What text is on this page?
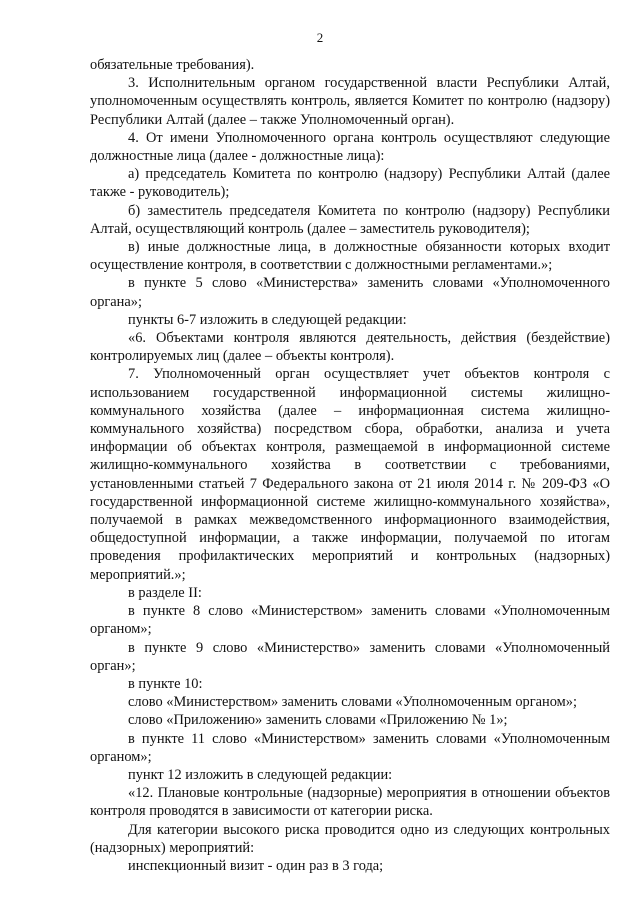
2

обязательные требования).

3. Исполнительным органом государственной власти Республики Алтай, уполномоченным осуществлять контроль, является Комитет по контролю (надзору) Республики Алтай (далее – также Уполномоченный орган).

4. От имени Уполномоченного органа контроль осуществляют следующие должностные лица (далее - должностные лица):

а) председатель Комитета по контролю (надзору) Республики Алтай (далее также - руководитель);

б) заместитель председателя Комитета по контролю (надзору) Республики Алтай, осуществляющий контроль (далее – заместитель руководителя);

в) иные должностные лица, в должностные обязанности которых входит осуществление контроля, в соответствии с должностными регламентами.»;

в пункте 5 слово «Министерства» заменить словами «Уполномоченного органа»;

пункты 6-7 изложить в следующей редакции:

«6. Объектами контроля являются деятельность, действия (бездействие) контролируемых лиц (далее – объекты контроля).

7. Уполномоченный орган осуществляет учет объектов контроля с использованием государственной информационной системы жилищно-коммунального хозяйства (далее – информационная система жилищно-коммунального хозяйства) посредством сбора, обработки, анализа и учета информации об объектах контроля, размещаемой в информационной системе жилищно-коммунального хозяйства в соответствии с требованиями, установленными статьей 7 Федерального закона от 21 июля 2014 г. № 209-ФЗ «О государственной информационной системе жилищно-коммунального хозяйства», получаемой в рамках межведомственного информационного взаимодействия, общедоступной информации, а также информации, получаемой по итогам проведения профилактических мероприятий и контрольных (надзорных) мероприятий.»;

в разделе II:

в пункте 8 слово «Министерством» заменить словами «Уполномоченным органом»;

в пункте 9 слово «Министерство» заменить словами «Уполномоченный орган»;

в пункте 10:

слово «Министерством» заменить словами «Уполномоченным органом»;

слово «Приложению» заменить словами «Приложению № 1»;

в пункте 11 слово «Министерством» заменить словами «Уполномоченным органом»;

пункт 12 изложить в следующей редакции:

«12. Плановые контрольные (надзорные) мероприятия в отношении объектов контроля проводятся в зависимости от категории риска.

Для категории высокого риска проводится одно из следующих контрольных (надзорных) мероприятий:

инспекционный визит - один раз в 3 года;
